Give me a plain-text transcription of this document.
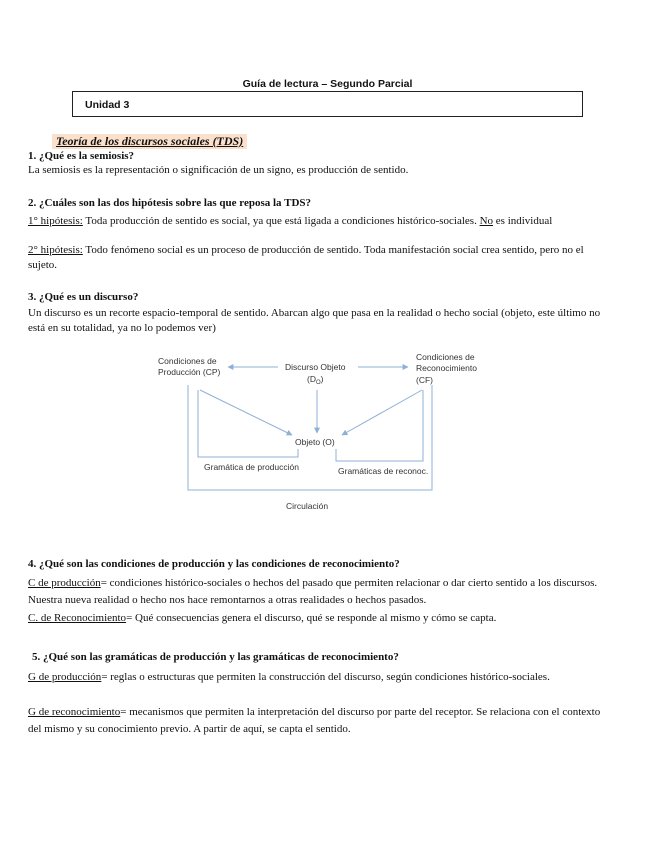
Guía de lectura – Segundo Parcial
Unidad 3
Teoría de los discursos sociales (TDS)
1. ¿Qué es la semiosis?
La semiosis es la representación o significación de un signo, es producción de sentido.
2. ¿Cuáles son las dos hipótesis sobre las que reposa la TDS?
1° hipótesis: Toda producción de sentido es social, ya que está ligada a condiciones histórico-sociales. No es individual
2° hipótesis: Todo fenómeno social es un proceso de producción de sentido. Toda manifestación social crea sentido, pero no el sujeto.
3. ¿Qué es un discurso?
Un discurso es un recorte espacio-temporal de sentido. Abarcan algo que pasa en la realidad o hecho social (objeto, este último no está en su totalidad, ya no lo podemos ver)
Condiciones de
Producción (CP)	Discurso Objeto
$(D_O)$
Condiciones de
Reconocimiento
(CF)
Objeto (O)
Gramática de producción	Gramáticas de reconoc.
Circulación
4. ¿Qué son las condiciones de producción y las condiciones de reconocimiento?
C de producción= condiciones histórico-sociales o hechos del pasado que permiten relacionar o dar cierto sentido a los discursos. Nuestra nueva realidad o hecho nos hace remontarnos a otras realidades o hechos pasados.
C. de Reconocimiento= Qué consecuencias genera el discurso, qué se responde al mismo y cómo se capta.
5. ¿Qué son las gramáticas de producción y las gramáticas de reconocimiento?
G de producción= reglas o estructuras que permiten la construcción del discurso, según condiciones histórico-sociales.
G de reconocimiento= mecanismos que permiten la interpretación del discurso por parte del receptor. Se relaciona con el contexto del mismo y su conocimiento previo. A partir de aquí, se capta el sentido.
